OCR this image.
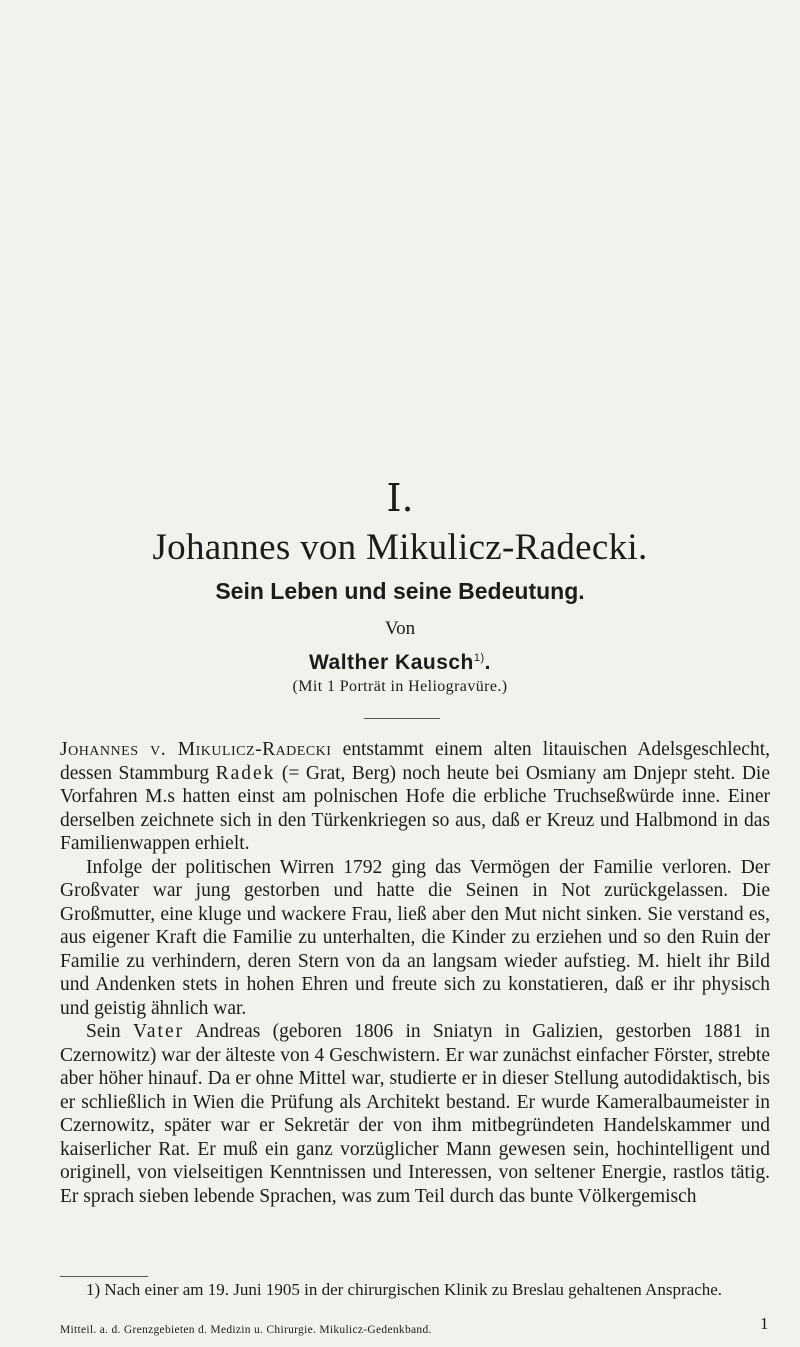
I.
Johannes von Mikulicz-Radecki.
Sein Leben und seine Bedeutung.
Von
Walther Kausch$^{1)}$.
(Mit 1 Porträt in Heliogravüre.)

Johannes v. Mikulicz-Radecki entstammt einem alten litauischen Adelsgeschlecht, dessen Stammburg Radek (= Grat, Berg) noch heute bei Osmiany am Dnjepr steht. Die Vorfahren M.s hatten einst am polnischen Hofe die erbliche Truchseßwürde inne. Einer derselben zeichnete sich in den Türkenkriegen so aus, daß er Kreuz und Halbmond in das Familienwappen erhielt.

Infolge der politischen Wirren 1792 ging das Vermögen der Familie verloren. Der Großvater war jung gestorben und hatte die Seinen in Not zurückgelassen. Die Großmutter, eine kluge und wackere Frau, ließ aber den Mut nicht sinken. Sie verstand es, aus eigener Kraft die Familie zu unterhalten, die Kinder zu erziehen und so den Ruin der Familie zu verhindern, deren Stern von da an langsam wieder aufstieg. M. hielt ihr Bild und Andenken stets in hohen Ehren und freute sich zu konstatieren, daß er ihr physisch und geistig ähnlich war.

Sein Vater Andreas (geboren 1806 in Sniatyn in Galizien, gestorben 1881 in Czernowitz) war der älteste von 4 Geschwistern. Er war zunächst einfacher Förster, strebte aber höher hinauf. Da er ohne Mittel war, studierte er in dieser Stellung autodidaktisch, bis er schließlich in Wien die Prüfung als Architekt bestand. Er wurde Kameralbaumeister in Czernowitz, später war er Sekretär der von ihm mitbegründeten Handelskammer und kaiserlicher Rat. Er muß ein ganz vorzüglicher Mann gewesen sein, hochintelligent und originell, von vielseitigen Kenntnissen und Interessen, von seltener Energie, rastlos tätig. Er sprach sieben lebende Sprachen, was zum Teil durch das bunte Völkergemisch

1) Nach einer am 19. Juni 1905 in der chirurgischen Klinik zu Breslau gehaltenen Ansprache.

Mitteil. a. d. Grenzgebieten d. Medizin u. Chirurgie. Mikulicz-Gedenkband.	1
